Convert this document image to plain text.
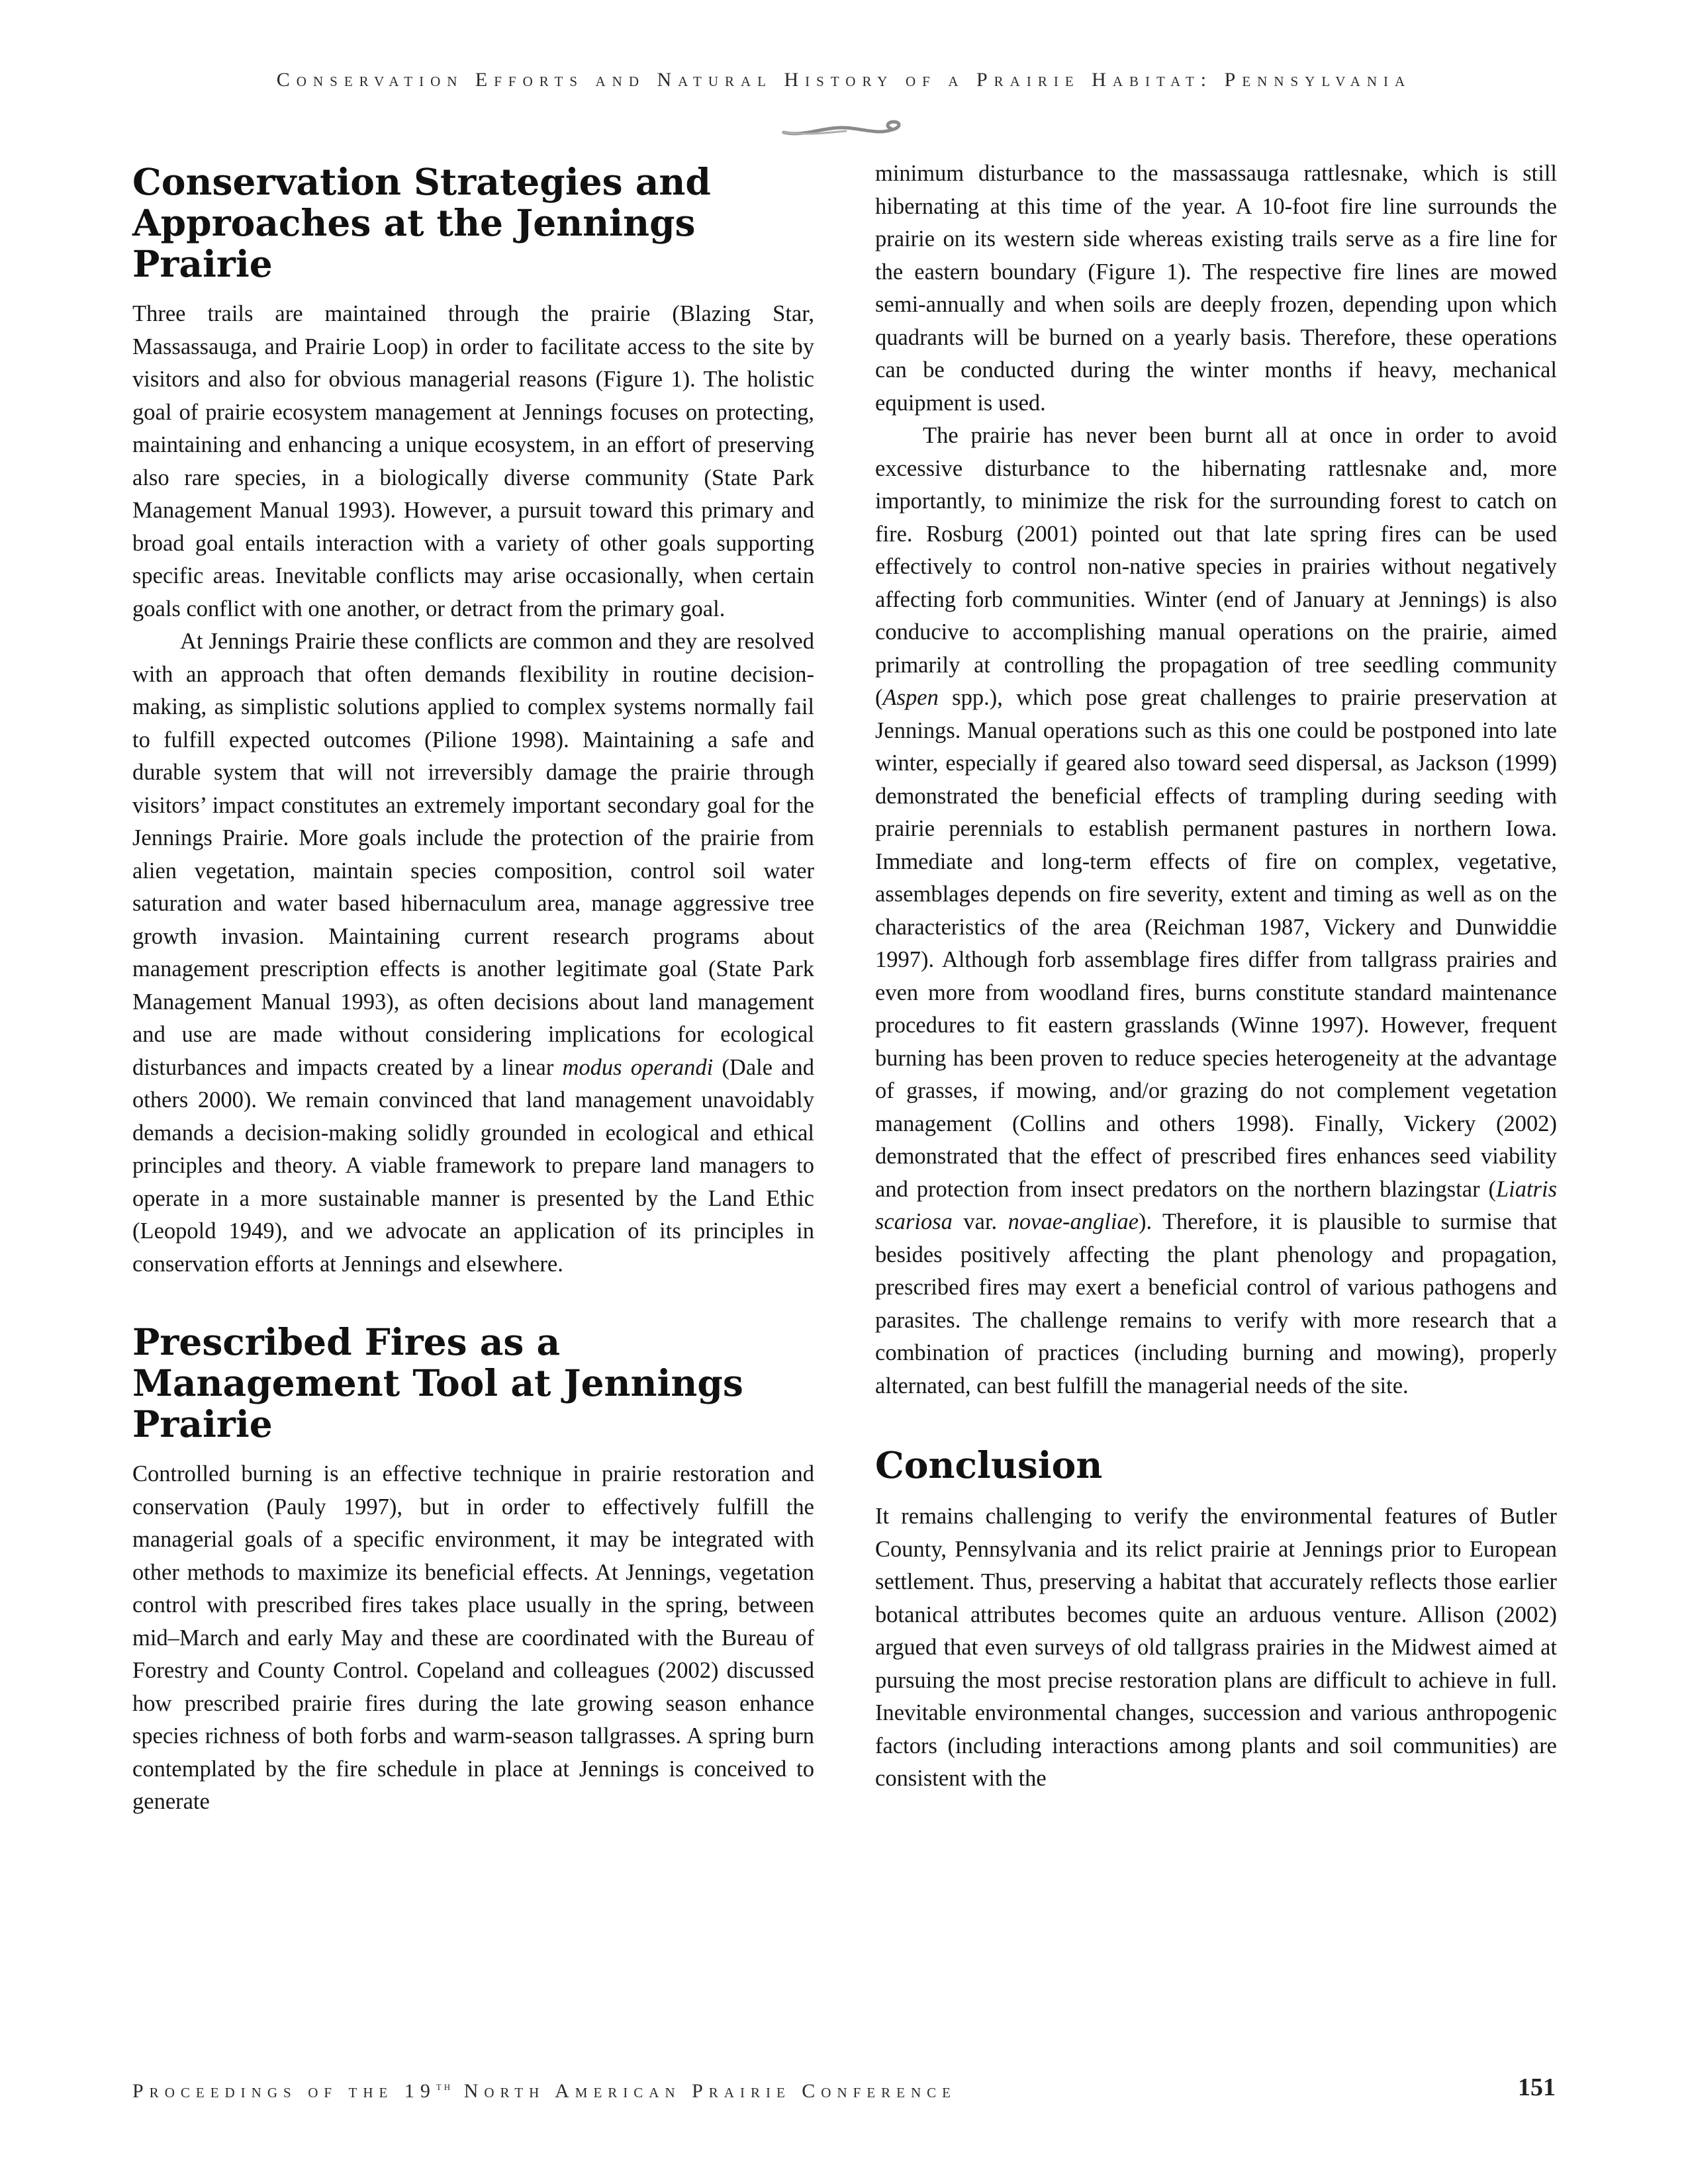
Conservation Efforts and Natural History of a Prairie Habitat: Pennsylvania
Conservation Strategies and Approaches at the Jennings Prairie

Three trails are maintained through the prairie (Blazing Star, Massassauga, and Prairie Loop) in order to facilitate access to the site by visitors and also for obvious managerial reasons (Figure 1). The holistic goal of prairie ecosystem management at Jennings focuses on protecting, maintaining and enhancing a unique ecosystem, in an effort of preserving also rare species, in a biologically diverse community (State Park Management Manual 1993). However, a pursuit toward this primary and broad goal entails interaction with a variety of other goals supporting specific areas. Inevitable conflicts may arise occasionally, when certain goals conflict with one another, or detract from the primary goal.

At Jennings Prairie these conflicts are common and they are resolved with an approach that often demands flexibility in routine decision-making, as simplistic solutions applied to complex systems normally fail to fulfill expected outcomes (Pilione 1998). Maintaining a safe and durable system that will not irreversibly damage the prairie through visitors’ impact constitutes an extremely important secondary goal for the Jennings Prairie. More goals include the protection of the prairie from alien vegetation, maintain species composition, control soil water saturation and water based hibernaculum area, manage aggressive tree growth invasion. Maintaining current research programs about management prescription effects is another legitimate goal (State Park Management Manual 1993), as often decisions about land management and use are made without considering implications for ecological disturbances and impacts created by a linear modus operandi (Dale and others 2000). We remain convinced that land management unavoidably demands a decision-making solidly grounded in ecological and ethical principles and theory. A viable framework to prepare land managers to operate in a more sustainable manner is presented by the Land Ethic (Leopold 1949), and we advocate an application of its principles in conservation efforts at Jennings and elsewhere.

Prescribed Fires as a Management Tool at Jennings Prairie

Controlled burning is an effective technique in prairie restoration and conservation (Pauly 1997), but in order to effectively fulfill the managerial goals of a specific environment, it may be integrated with other methods to maximize its beneficial effects. At Jennings, vegetation control with prescribed fires takes place usually in the spring, between mid–March and early May and these are coordinated with the Bureau of Forestry and County Control. Copeland and colleagues (2002) discussed how prescribed prairie fires during the late growing season enhance species richness of both forbs and warm-season tallgrasses. A spring burn contemplated by the fire schedule in place at Jennings is conceived to generate

minimum disturbance to the massassauga rattlesnake, which is still hibernating at this time of the year. A 10-foot fire line surrounds the prairie on its western side whereas existing trails serve as a fire line for the eastern boundary (Figure 1). The respective fire lines are mowed semi-annually and when soils are deeply frozen, depending upon which quadrants will be burned on a yearly basis. Therefore, these operations can be conducted during the winter months if heavy, mechanical equipment is used.

The prairie has never been burnt all at once in order to avoid excessive disturbance to the hibernating rattlesnake and, more importantly, to minimize the risk for the surrounding forest to catch on fire. Rosburg (2001) pointed out that late spring fires can be used effectively to control non-native species in prairies without negatively affecting forb communities. Winter (end of January at Jennings) is also conducive to accomplishing manual operations on the prairie, aimed primarily at controlling the propagation of tree seedling community (Aspen spp.), which pose great challenges to prairie preservation at Jennings. Manual operations such as this one could be postponed into late winter, especially if geared also toward seed dispersal, as Jackson (1999) demonstrated the beneficial effects of trampling during seeding with prairie perennials to establish permanent pastures in northern Iowa. Immediate and long-term effects of fire on complex, vegetative, assemblages depends on fire severity, extent and timing as well as on the characteristics of the area (Reichman 1987, Vickery and Dunwiddie 1997). Although forb assemblage fires differ from tallgrass prairies and even more from woodland fires, burns constitute standard maintenance procedures to fit eastern grasslands (Winne 1997). However, frequent burning has been proven to reduce species heterogeneity at the advantage of grasses, if mowing, and/or grazing do not complement vegetation management (Collins and others 1998). Finally, Vickery (2002) demonstrated that the effect of prescribed fires enhances seed viability and protection from insect predators on the northern blazingstar (Liatris scariosa var. novae-angliae). Therefore, it is plausible to surmise that besides positively affecting the plant phenology and propagation, prescribed fires may exert a beneficial control of various pathogens and parasites. The challenge remains to verify with more research that a combination of practices (including burning and mowing), properly alternated, can best fulfill the managerial needs of the site.

Conclusion

It remains challenging to verify the environmental features of Butler County, Pennsylvania and its relict prairie at Jennings prior to European settlement. Thus, preserving a habitat that accurately reflects those earlier botanical attributes becomes quite an arduous venture. Allison (2002) argued that even surveys of old tallgrass prairies in the Midwest aimed at pursuing the most precise restoration plans are difficult to achieve in full. Inevitable environmental changes, succession and various anthropogenic factors (including interactions among plants and soil communities) are consistent with the

Proceedings of the 19th North American Prairie Conference	151
